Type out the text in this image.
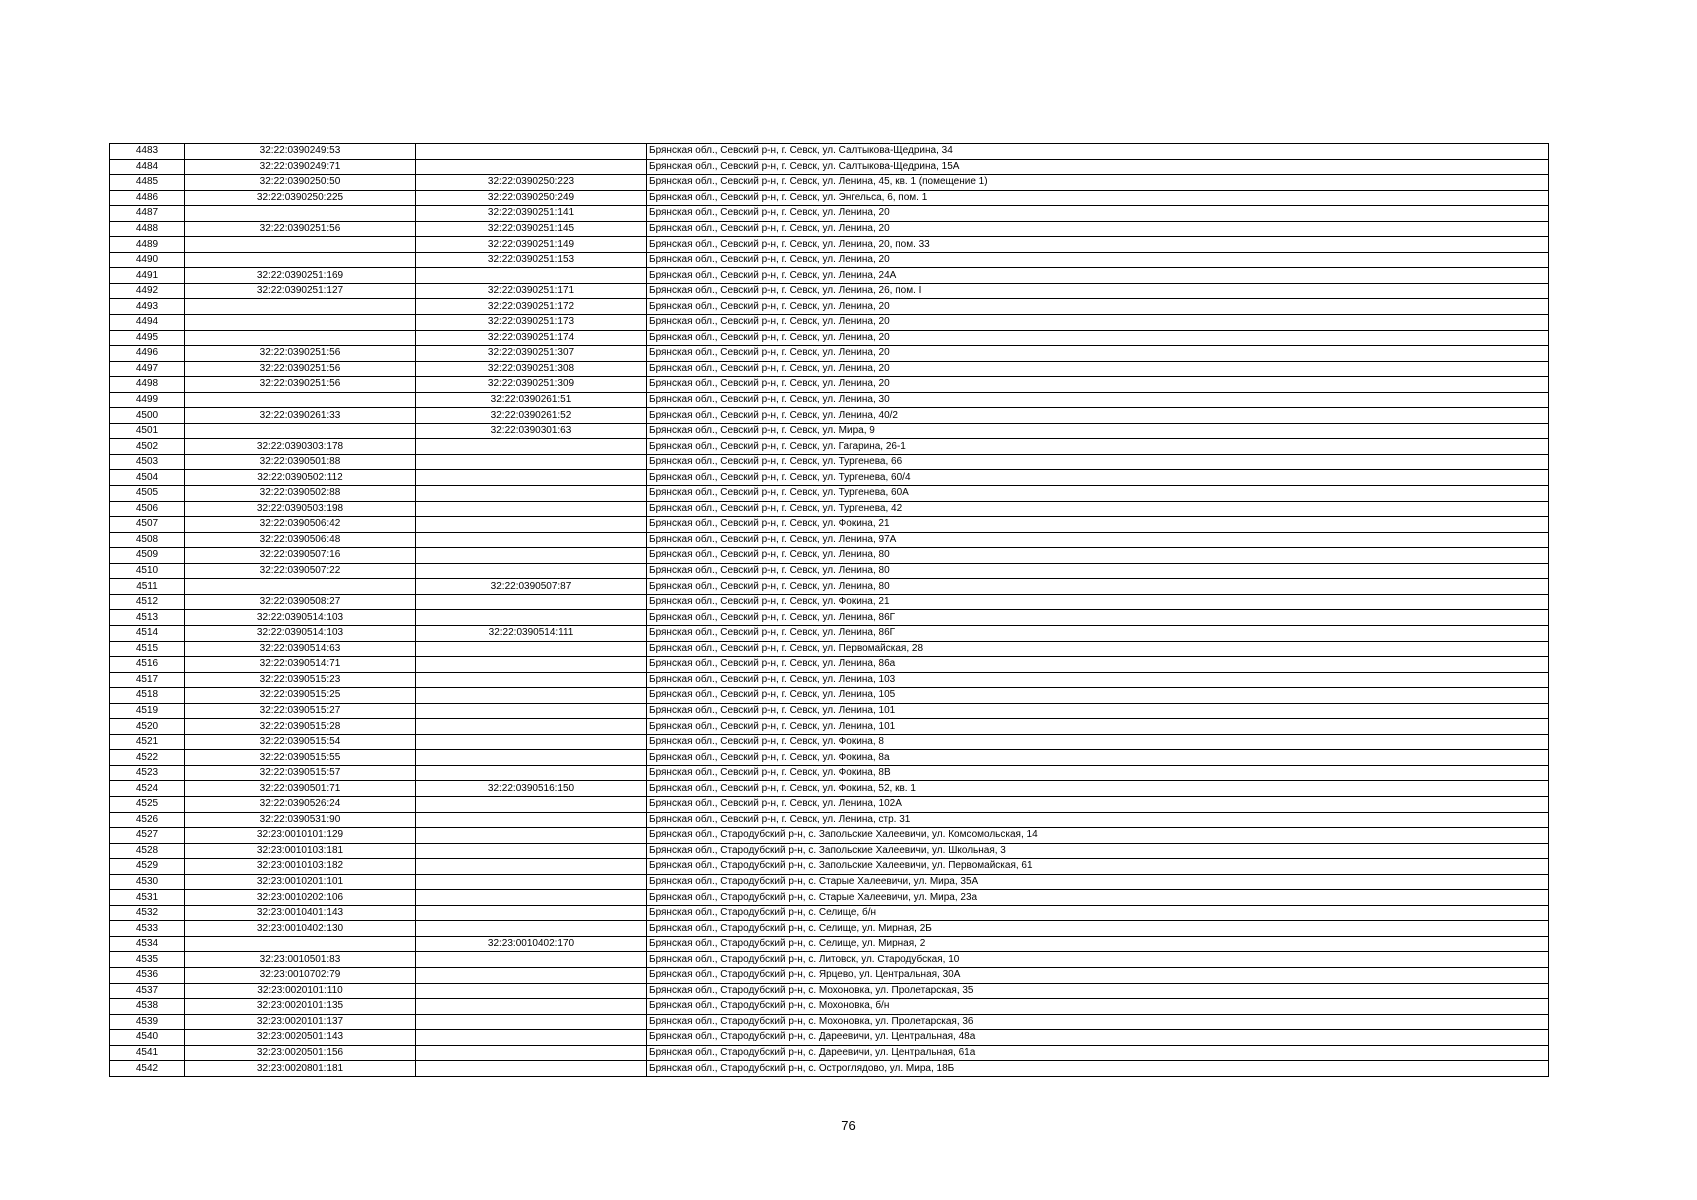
4483	32:22:0390249:53		Брянская обл., Севский р-н, г. Севск, ул. Салтыкова-Щедрина, 34
4484	32:22:0390249:71		Брянская обл., Севский р-н, г. Севск, ул. Салтыкова-Щедрина, 15А
4485	32:22:0390250:50	32:22:0390250:223	Брянская обл., Севский р-н, г. Севск, ул. Ленина, 45, кв. 1 (помещение 1)
4486	32:22:0390250:225	32:22:0390250:249	Брянская обл., Севский р-н, г. Севск, ул. Энгельса, 6, пом. 1
4487		32:22:0390251:141	Брянская обл., Севский р-н, г. Севск, ул. Ленина, 20
4488	32:22:0390251:56	32:22:0390251:145	Брянская обл., Севский р-н, г. Севск, ул. Ленина, 20
4489		32:22:0390251:149	Брянская обл., Севский р-н, г. Севск, ул. Ленина, 20, пом. 33
4490		32:22:0390251:153	Брянская обл., Севский р-н, г. Севск, ул. Ленина, 20
4491	32:22:0390251:169		Брянская обл., Севский р-н, г. Севск, ул. Ленина, 24А
4492	32:22:0390251:127	32:22:0390251:171	Брянская обл., Севский р-н, г. Севск, ул. Ленина, 26, пом. I
4493		32:22:0390251:172	Брянская обл., Севский р-н, г. Севск, ул. Ленина, 20
4494		32:22:0390251:173	Брянская обл., Севский р-н, г. Севск, ул. Ленина, 20
4495		32:22:0390251:174	Брянская обл., Севский р-н, г. Севск, ул. Ленина, 20
4496	32:22:0390251:56	32:22:0390251:307	Брянская обл., Севский р-н, г. Севск, ул. Ленина, 20
4497	32:22:0390251:56	32:22:0390251:308	Брянская обл., Севский р-н, г. Севск, ул. Ленина, 20
4498	32:22:0390251:56	32:22:0390251:309	Брянская обл., Севский р-н, г. Севск, ул. Ленина, 20
4499		32:22:0390261:51	Брянская обл., Севский р-н, г. Севск, ул. Ленина, 30
4500	32:22:0390261:33	32:22:0390261:52	Брянская обл., Севский р-н, г. Севск, ул. Ленина, 40/2
4501		32:22:0390301:63	Брянская обл., Севский р-н, г. Севск, ул. Мира, 9
4502	32:22:0390303:178		Брянская обл., Севский р-н, г. Севск, ул. Гагарина, 26-1
4503	32:22:0390501:88		Брянская обл., Севский р-н, г. Севск, ул. Тургенева, 66
4504	32:22:0390502:112		Брянская обл., Севский р-н, г. Севск, ул. Тургенева, 60/4
4505	32:22:0390502:88		Брянская обл., Севский р-н, г. Севск, ул. Тургенева, 60А
4506	32:22:0390503:198		Брянская обл., Севский р-н, г. Севск, ул. Тургенева, 42
4507	32:22:0390506:42		Брянская обл., Севский р-н, г. Севск, ул. Фокина, 21
4508	32:22:0390506:48		Брянская обл., Севский р-н, г. Севск, ул. Ленина, 97А
4509	32:22:0390507:16		Брянская обл., Севский р-н, г. Севск, ул. Ленина, 80
4510	32:22:0390507:22		Брянская обл., Севский р-н, г. Севск, ул. Ленина, 80
4511		32:22:0390507:87	Брянская обл., Севский р-н, г. Севск, ул. Ленина, 80
4512	32:22:0390508:27		Брянская обл., Севский р-н, г. Севск, ул. Фокина, 21
4513	32:22:0390514:103		Брянская обл., Севский р-н, г. Севск, ул. Ленина, 86Г
4514	32:22:0390514:103	32:22:0390514:111	Брянская обл., Севский р-н, г. Севск, ул. Ленина, 86Г
4515	32:22:0390514:63		Брянская обл., Севский р-н, г. Севск, ул. Первомайская, 28
4516	32:22:0390514:71		Брянская обл., Севский р-н, г. Севск, ул. Ленина, 86а
4517	32:22:0390515:23		Брянская обл., Севский р-н, г. Севск, ул. Ленина, 103
4518	32:22:0390515:25		Брянская обл., Севский р-н, г. Севск, ул. Ленина, 105
4519	32:22:0390515:27		Брянская обл., Севский р-н, г. Севск, ул. Ленина, 101
4520	32:22:0390515:28		Брянская обл., Севский р-н, г. Севск, ул. Ленина, 101
4521	32:22:0390515:54		Брянская обл., Севский р-н, г. Севск, ул. Фокина, 8
4522	32:22:0390515:55		Брянская обл., Севский р-н, г. Севск, ул. Фокина, 8а
4523	32:22:0390515:57		Брянская обл., Севский р-н, г. Севск, ул. Фокина, 8В
4524	32:22:0390501:71	32:22:0390516:150	Брянская обл., Севский р-н, г. Севск, ул. Фокина, 52, кв. 1
4525	32:22:0390526:24		Брянская обл., Севский р-н, г. Севск, ул. Ленина, 102А
4526	32:22:0390531:90		Брянская обл., Севский р-н, г. Севск, ул. Ленина, стр. 31
4527	32:23:0010101:129		Брянская обл., Стародубский р-н, с. Запольские Халеевичи, ул. Комсомольская, 14
4528	32:23:0010103:181		Брянская обл., Стародубский р-н, с. Запольские Халеевичи, ул. Школьная, 3
4529	32:23:0010103:182		Брянская обл., Стародубский р-н, с. Запольские Халеевичи, ул. Первомайская, 61
4530	32:23:0010201:101		Брянская обл., Стародубский р-н, с. Старые Халеевичи, ул. Мира, 35А
4531	32:23:0010202:106		Брянская обл., Стародубский р-н, с. Старые Халеевичи, ул. Мира, 23а
4532	32:23:0010401:143		Брянская обл., Стародубский р-н, с. Селище, б/н
4533	32:23:0010402:130		Брянская обл., Стародубский р-н, с. Селище, ул. Мирная, 2Б
4534		32:23:0010402:170	Брянская обл., Стародубский р-н, с. Селище, ул. Мирная, 2
4535	32:23:0010501:83		Брянская обл., Стародубский р-н, с. Литовск, ул. Стародубская, 10
4536	32:23:0010702:79		Брянская обл., Стародубский р-н, с. Ярцево, ул. Центральная, 30А
4537	32:23:0020101:110		Брянская обл., Стародубский р-н, с. Мохоновка, ул. Пролетарская, 35
4538	32:23:0020101:135		Брянская обл., Стародубский р-н, с. Мохоновка, б/н
4539	32:23:0020101:137		Брянская обл., Стародубский р-н, с. Мохоновка, ул. Пролетарская, 36
4540	32:23:0020501:143		Брянская обл., Стародубский р-н, с. Дареевичи, ул. Центральная, 48а
4541	32:23:0020501:156		Брянская обл., Стародубский р-н, с. Дареевичи, ул. Центральная, 61а
4542	32:23:0020801:181		Брянская обл., Стародубский р-н, с. Остроглядово, ул. Мира, 18Б
76
